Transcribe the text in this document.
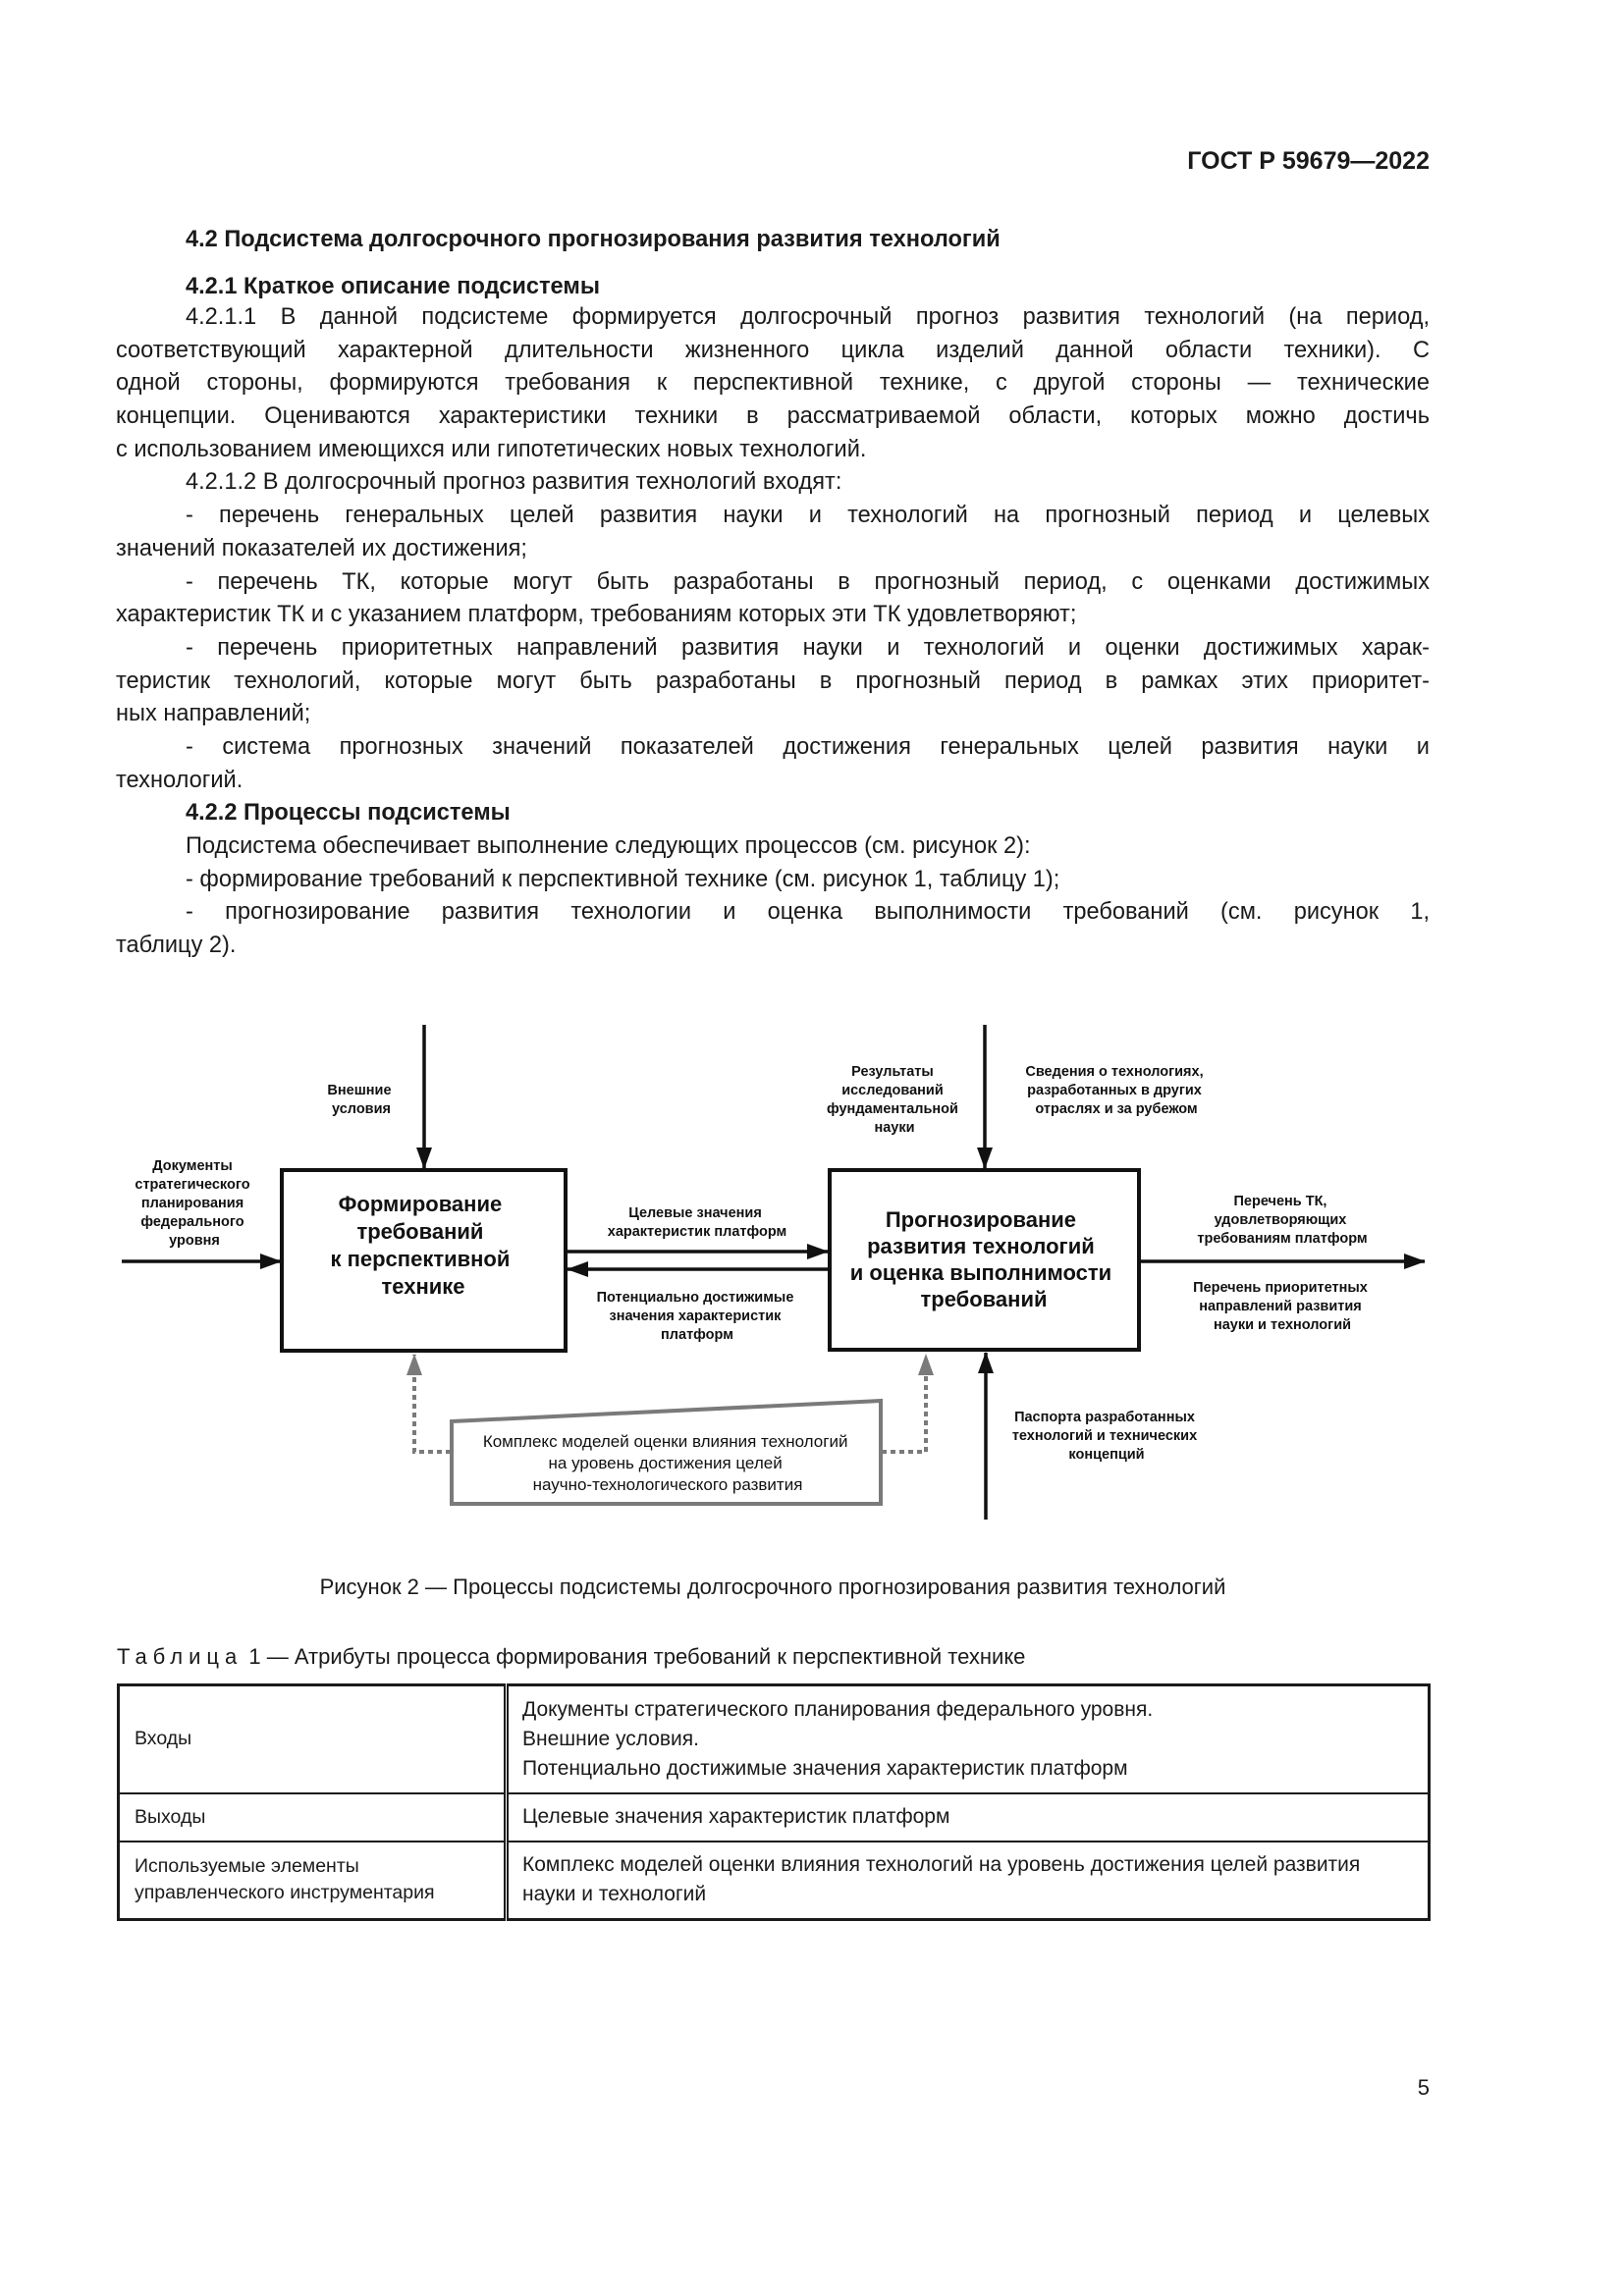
ГОСТ Р 59679—2022
4.2 Подсистема долгосрочного прогнозирования развития технологий
4.2.1 Краткое описание подсистемы
4.2.1.1 В данной подсистеме формируется долгосрочный прогноз развития технологий (на период,
соответствующий характерной длительности жизненного цикла изделий данной области техники). С
одной стороны, формируются требования к перспективной технике, с другой стороны — технические
концепции. Оцениваются характеристики техники в рассматриваемой области, которых можно достичь
с использованием имеющихся или гипотетических новых технологий.
4.2.1.2 В долгосрочный прогноз развития технологий входят:
- перечень генеральных целей развития науки и технологий на прогнозный период и целевых
значений показателей их достижения;
- перечень ТК, которые могут быть разработаны в прогнозный период, с оценками достижимых
характеристик ТК и с указанием платформ, требованиям которых эти ТК удовлетворяют;
- перечень приоритетных направлений развития науки и технологий и оценки достижимых харак-
теристик технологий, которые могут быть разработаны в прогнозный период в рамках этих приоритет-
ных направлений;
- система прогнозных значений показателей достижения генеральных целей развития науки и
технологий.
4.2.2 Процессы подсистемы
Подсистема обеспечивает выполнение следующих процессов (см. рисунок 2):
- формирование требований к перспективной технике (см. рисунок 1, таблицу 1);
- прогнозирование развития технологии и оценка выполнимости требований (см. рисунок 1,
таблицу 2).
Формирование требований к перспективной технике
Прогнозирование развития технологий и оценка выполнимости требований
Документы стратегического планирования федерального уровня
Внешние условия
Результаты исследований фундаментальной науки
Сведения о технологиях, разработанных в других отраслях и за рубежом
Целевые значения характеристик платформ
Потенциально достижимые значения характеристик платформ
Перечень ТК, удовлетворяющих требованиям платформ
Перечень приоритетных направлений развития науки и технологий
Паспорта разработанных технологий и технических концепций
Комплекс моделей оценки влияния технологий на уровень достижения целей научно-технологического развития
Рисунок 2 — Процессы подсистемы долгосрочного прогнозирования развития технологий
Таблица 1 — Атрибуты процесса формирования требований к перспективной технике
Входы	Документы стратегического планирования федерального уровня.
Внешние условия.
Потенциально достижимые значения характеристик платформ

Выходы	Целевые значения характеристик платформ
Используемые элементы управленческого инструментария	Комплекс моделей оценки влияния технологий на уровень достижения целей развития науки и технологий
5
